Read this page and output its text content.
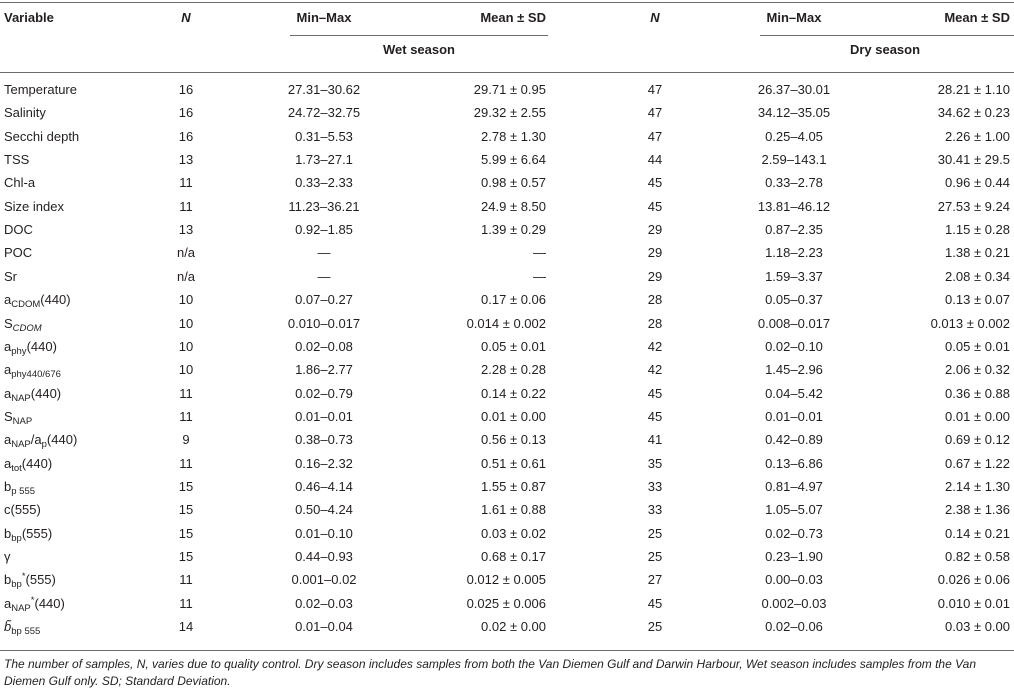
Variable	N	Min–Max	Mean ± SD	N	Min–Max	Mean ± SD
Wet season	Dry season
Temperature	16	27.31–30.62	29.71 ± 0.95	47	26.37–30.01	28.21 ± 1.10
Salinity	16	24.72–32.75	29.32 ± 2.55	47	34.12–35.05	34.62 ± 0.23
Secchi depth	16	0.31–5.53	2.78 ± 1.30	47	0.25–4.05	2.26 ± 1.00
TSS	13	1.73–27.1	5.99 ± 6.64	44	2.59–143.1	30.41 ± 29.5
Chl-a	11	0.33–2.33	0.98 ± 0.57	45	0.33–2.78	0.96 ± 0.44
Size index	11	11.23–36.21	24.9 ± 8.50	45	13.81–46.12	27.53 ± 9.24
DOC	13	0.92–1.85	1.39 ± 0.29	29	0.87–2.35	1.15 ± 0.28
POC	n/a	—	—	29	1.18–2.23	1.38 ± 0.21
Sr	n/a	—	—	29	1.59–3.37	2.08 ± 0.34
$a_{CDOM}(440)$	10	0.07–0.27	0.17 ± 0.06	28	0.05–0.37	0.13 ± 0.07
$S_{CDOM}$	10	0.010–0.017	0.014 ± 0.002	28	0.008–0.017	0.013 ± 0.002
$a_{phy}(440)$	10	0.02–0.08	0.05 ± 0.01	42	0.02–0.10	0.05 ± 0.01
$a_{phy440/676}$	10	1.86–2.77	2.28 ± 0.28	42	1.45–2.96	2.06 ± 0.32
$a_{NAP}(440)$	11	0.02–0.79	0.14 ± 0.22	45	0.04–5.42	0.36 ± 0.88
$S_{NAP}$	11	0.01–0.01	0.01 ± 0.00	45	0.01–0.01	0.01 ± 0.00
$a_{NAP}/a_p(440)$	9	0.38–0.73	0.56 ± 0.13	41	0.42–0.89	0.69 ± 0.12
$a_{tot}(440)$	11	0.16–2.32	0.51 ± 0.61	35	0.13–6.86	0.67 ± 1.22
$b_{p 555}$	15	0.46–4.14	1.55 ± 0.87	33	0.81–4.97	2.14 ± 1.30
c(555)	15	0.50–4.24	1.61 ± 0.88	33	1.05–5.07	2.38 ± 1.36
$b_{bp}(555)$	15	0.01–0.10	0.03 ± 0.02	25	0.02–0.73	0.14 ± 0.21
γ	15	0.44–0.93	0.68 ± 0.17	25	0.23–1.90	0.82 ± 0.58
$b_{bp}^*(555)$	11	0.001–0.02	0.012 ± 0.005	27	0.00–0.03	0.026 ± 0.06
$a_{NAP}^*(440)$	11	0.02–0.03	0.025 ± 0.006	45	0.002–0.03	0.010 ± 0.01
$b̃_{bp 555}$	14	0.01–0.04	0.02 ± 0.00	25	0.02–0.06	0.03 ± 0.00
The number of samples, N, varies due to quality control. Dry season includes samples from both the Van Diemen Gulf and Darwin Harbour, Wet season includes samples from the Van Diemen Gulf only. SD; Standard Deviation.
